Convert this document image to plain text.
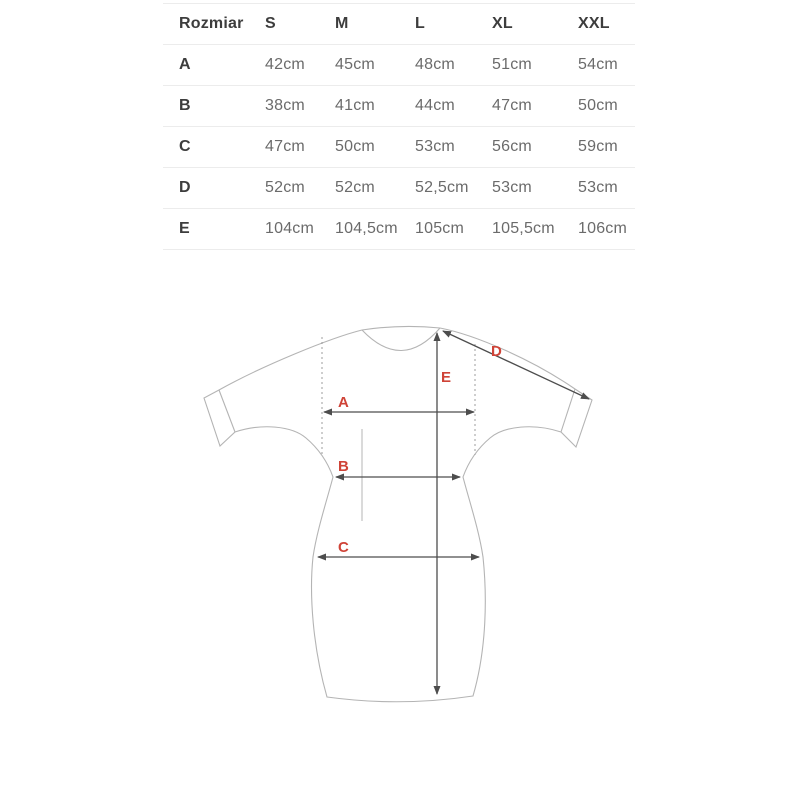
Rozmiar	S	M	L	XL	XXL
A	42cm	45cm	48cm	51cm	54cm
B	38cm	41cm	44cm	47cm	50cm
C	47cm	50cm	53cm	56cm	59cm
D	52cm	52cm	52,5cm	53cm	53cm
E	104cm	104,5cm	105cm	105,5cm	106cm
A
B
C
D
E
